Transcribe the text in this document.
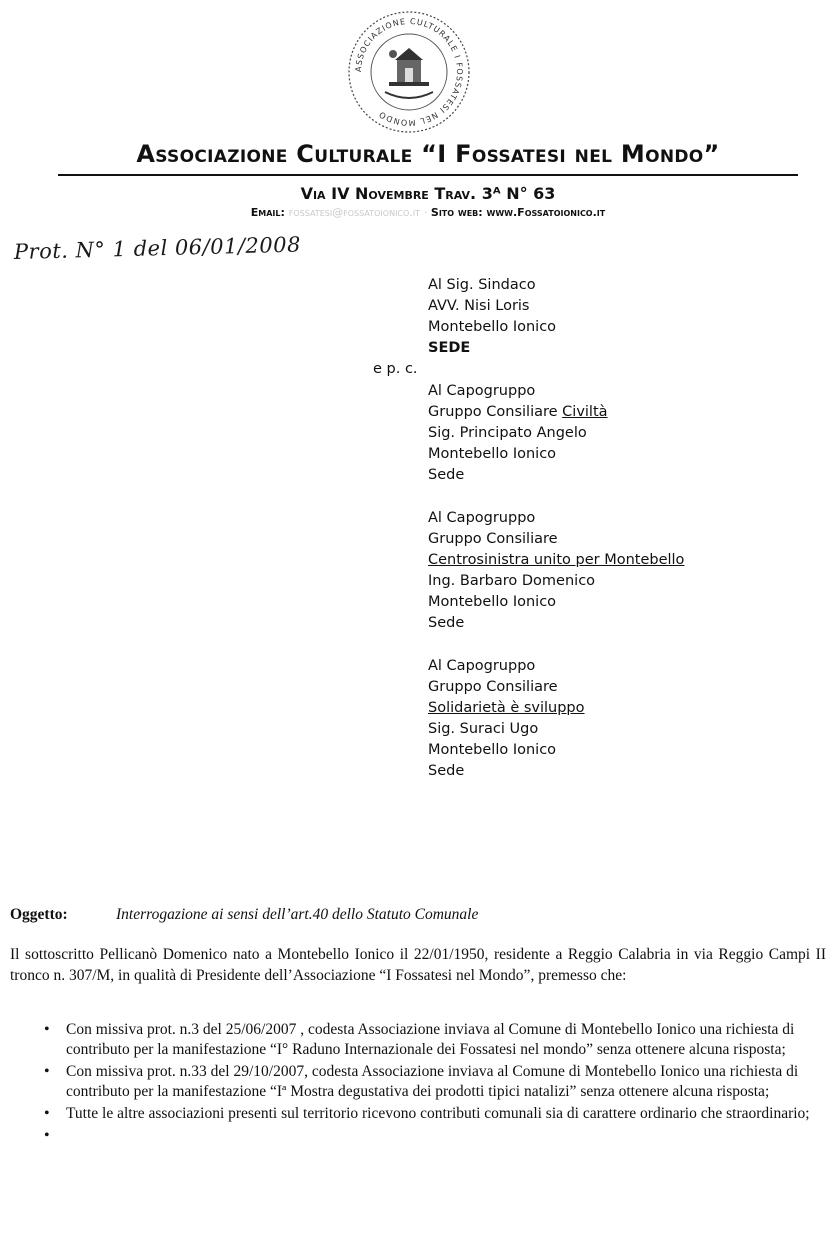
ASSOCIAZIONE CULTURALE I FOSSATESI NEL MONDO
Associazione Culturale “I Fossatesi nel Mondo”
Via IV Novembre Trav. 3ᴬ N° 63
Email: fossatesi@fossatoionico.it · Sito web: www.Fossatoionico.it
Prot. N° 1 del 06/01/2008
e p. c.
Al Sig. Sindaco
AVV. Nisi Loris
Montebello Ionico
SEDE
Al Capogruppo
Gruppo Consiliare Civiltà
Sig. Principato Angelo
Montebello Ionico
Sede
Al Capogruppo
Gruppo Consiliare
Centrosinistra unito per Montebello
Ing. Barbaro Domenico
Montebello Ionico
Sede
Al Capogruppo
Gruppo Consiliare
Solidarietà è sviluppo
Sig. Suraci Ugo
Montebello Ionico
Sede
Oggetto:	Interrogazione ai sensi dell’art.40 dello Statuto Comunale
Il sottoscritto Pellicanò Domenico nato a Montebello Ionico il 22/01/1950, residente a Reggio Calabria in via Reggio Campi II tronco n. 307/M, in qualità di Presidente dell’Associazione “I Fossatesi nel Mondo”, premesso che:
• Con missiva prot. n.3 del 25/06/2007 , codesta Associazione inviava al Comune di Montebello Ionico una richiesta di contributo per la manifestazione “I° Raduno Internazionale dei Fossatesi nel mondo” senza ottenere alcuna risposta;
• Con missiva prot. n.33 del 29/10/2007, codesta Associazione inviava al Comune di Montebello Ionico una richiesta di contributo per la manifestazione “Iª Mostra degustativa dei prodotti tipici natalizi” senza ottenere alcuna risposta;
• Tutte le altre associazioni presenti sul territorio ricevono contributi comunali sia di carattere ordinario che straordinario;
•
